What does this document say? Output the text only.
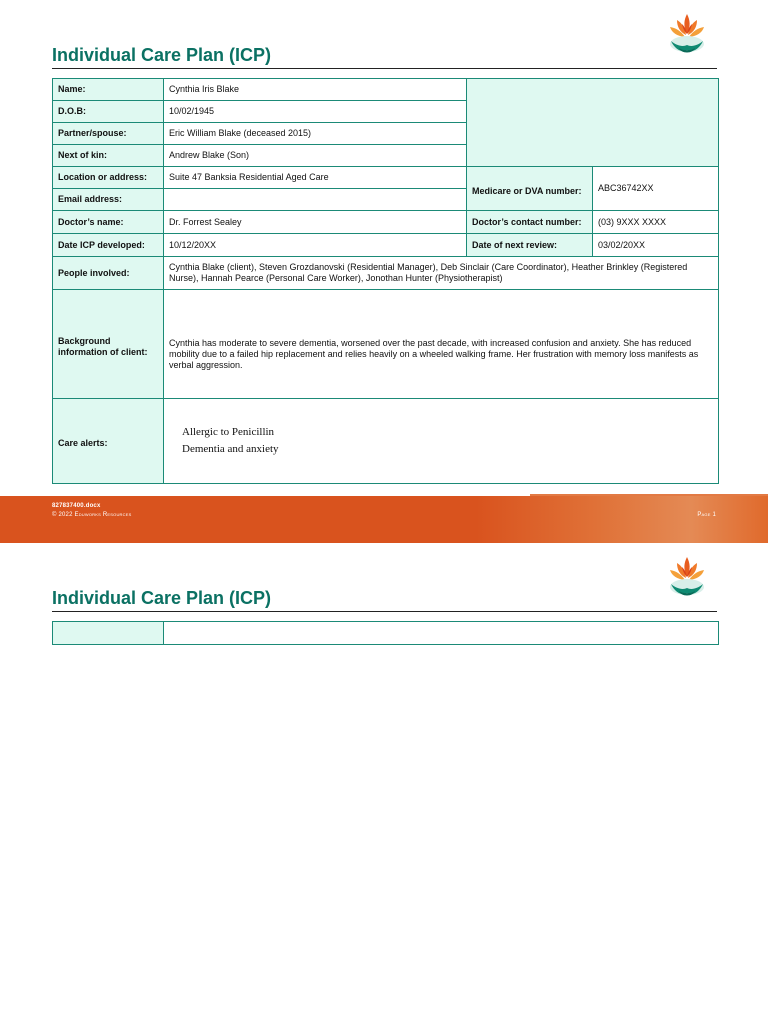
Individual Care Plan (ICP)
Name:	Cynthia Iris Blake		
D.O.B:	10/02/1945		
Partner/spouse:	Eric William Blake (deceased 2015)		
Next of kin:	Andrew Blake (Son)		
Location or address:	Suite 47 Banksia Residential Aged Care	Medicare or DVA number:	ABC36742XX
Email address:			
Doctor’s name:	Dr. Forrest Sealey	Doctor’s contact number:	(03) 9XXX XXXX
Date ICP developed:	10/12/20XX	Date of next review:	03/02/20XX
People involved:	Cynthia Blake (client), Steven Grozdanovski (Residential Manager), Deb Sinclair (Care Coordinator), Heather Brinkley (Registered Nurse), Hannah Pearce (Personal Care Worker), Jonothan Hunter (Physiotherapist)		
Background information of client:	Cynthia has moderate to severe dementia, worsened over the past decade, with increased confusion and anxiety. She has reduced mobility due to a failed hip replacement and relies heavily on a wheeled walking frame. Her frustration with memory loss manifests as verbal aggression.		
Care alerts:	Allergic to Penicillin
Dementia and anxiety		
827837400.docx
© 2022 Eduworks Resources	Page 1
Individual Care Plan (ICP)
